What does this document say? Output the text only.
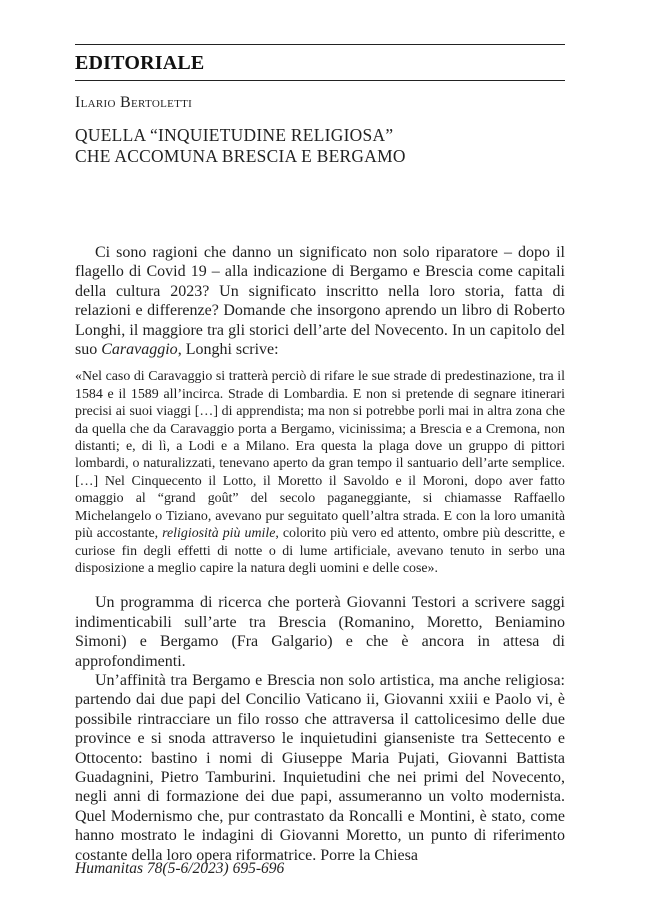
EDITORIALE
Ilario Bertoletti
QUELLA “INQUIETUDINE RELIGIOSA”
CHE ACCOMUNA BRESCIA E BERGAMO

Ci sono ragioni che danno un significato non solo riparatore – dopo il flagello di Covid 19 – alla indicazione di Bergamo e Brescia come capitali della cultura 2023? Un significato inscritto nella loro storia, fatta di relazioni e differenze? Domande che insorgono aprendo un libro di Roberto Longhi, il maggiore tra gli storici dell’arte del Novecento. In un capitolo del suo Caravaggio, Longhi scrive:

«Nel caso di Caravaggio si tratterà perciò di rifare le sue strade di predestinazione, tra il 1584 e il 1589 all’incirca. Strade di Lombardia. E non si pretende di segnare itinerari precisi ai suoi viaggi […] di apprendista; ma non si potrebbe porli mai in altra zona che da quella che da Caravaggio porta a Bergamo, vicinissima; a Brescia e a Cremona, non distanti; e, di lì, a Lodi e a Milano. Era questa la plaga dove un gruppo di pittori lombardi, o naturalizzati, tenevano aperto da gran tempo il santuario dell’arte semplice. […] Nel Cinquecento il Lotto, il Moretto il Savoldo e il Moroni, dopo aver fatto omaggio al “grand goût” del secolo paganeggiante, si chiamasse Raffaello Michelangelo o Tiziano, avevano pur seguitato quell’altra strada. E con la loro umanità più accostante, religiosità più umile, colorito più vero ed attento, ombre più descritte, e curiose fin degli effetti di notte o di lume artificiale, avevano tenuto in serbo una disposizione a meglio capire la natura degli uomini e delle cose».

Un programma di ricerca che porterà Giovanni Testori a scrivere saggi indimenticabili sull’arte tra Brescia (Romanino, Moretto, Beniamino Simoni) e Bergamo (Fra Galgario) e che è ancora in attesa di approfondimenti.

Un’affinità tra Bergamo e Brescia non solo artistica, ma anche religiosa: partendo dai due papi del Concilio Vaticano ii, Giovanni xxiii e Paolo vi, è possibile rintracciare un filo rosso che attraversa il cattolicesimo delle due province e si snoda attraverso le inquietudini gianseniste tra Settecento e Ottocento: bastino i nomi di Giuseppe Maria Pujati, Giovanni Battista Guadagnini, Pietro Tamburini. Inquietudini che nei primi del Novecento, negli anni di formazione dei due papi, assumeranno un volto modernista. Quel Modernismo che, pur contrastato da Roncalli e Montini, è stato, come hanno mostrato le indagini di Giovanni Moretto, un punto di riferimento costante della loro opera riformatrice. Porre la Chiesa

Humanitas 78(5-6/2023) 695-696
